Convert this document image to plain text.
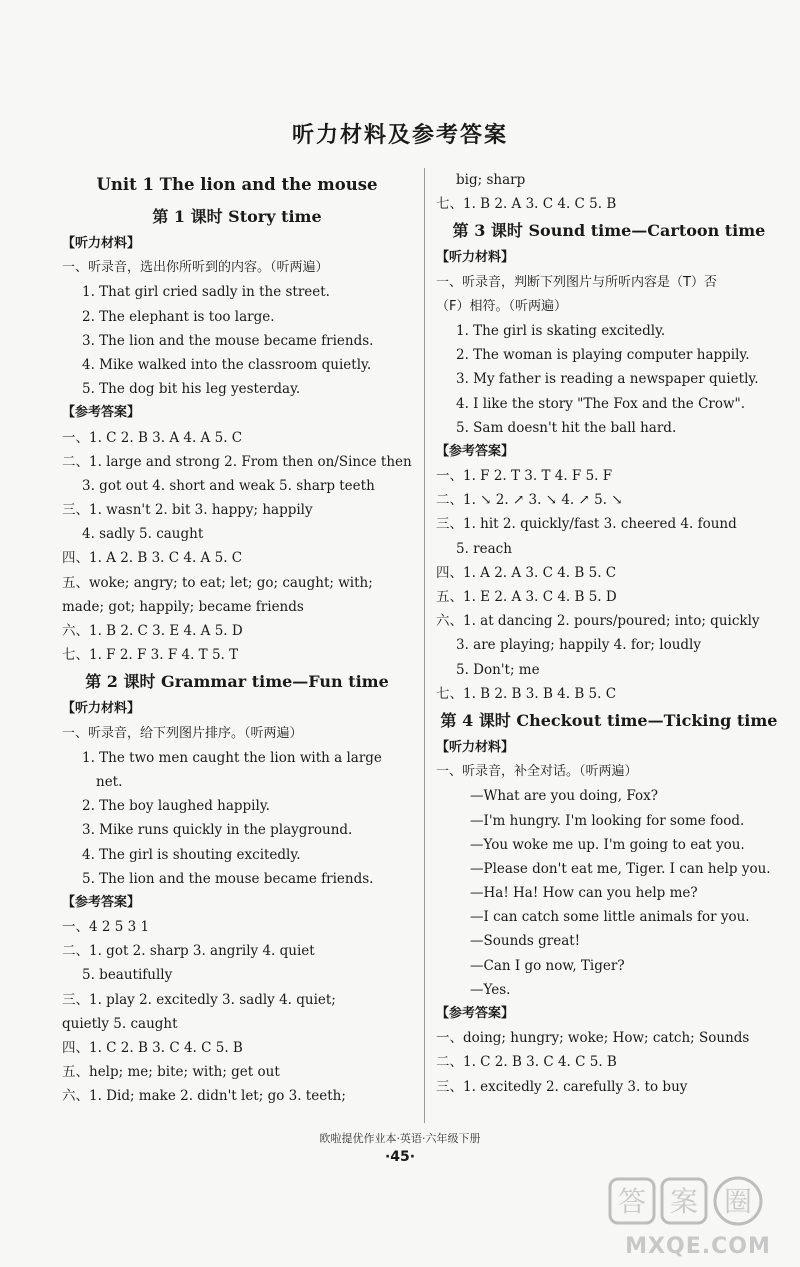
听力材料及参考答案
Unit 1 The lion and the mouse
第 1 课时 Story time
【听力材料】
一、听录音，选出你所听到的内容。（听两遍）
1. That girl cried sadly in the street.
2. The elephant is too large.
3. The lion and the mouse became friends.
4. Mike walked into the classroom quietly.
5. The dog bit his leg yesterday.
【参考答案】
一、1. C 2. B 3. A 4. A 5. C
二、1. large and strong 2. From then on/Since then
3. got out 4. short and weak 5. sharp teeth
三、1. wasn't 2. bit 3. happy; happily
4. sadly 5. caught
四、1. A 2. B 3. C 4. A 5. C
五、woke; angry; to eat; let; go; caught; with;
made; got; happily; became friends
六、1. B 2. C 3. E 4. A 5. D
七、1. F 2. F 3. F 4. T 5. T
第 2 课时 Grammar time—Fun time
【听力材料】
一、听录音，给下列图片排序。（听两遍）
1. The two men caught the lion with a large
net.
2. The boy laughed happily.
3. Mike runs quickly in the playground.
4. The girl is shouting excitedly.
5. The lion and the mouse became friends.
【参考答案】
一、4 2 5 3 1
二、1. got 2. sharp 3. angrily 4. quiet
5. beautifully
三、1. play 2. excitedly 3. sadly 4. quiet;
quietly 5. caught
四、1. C 2. B 3. C 4. C 5. B
五、help; me; bite; with; get out
六、1. Did; make 2. didn't let; go 3. teeth;
big; sharp
七、1. B 2. A 3. C 4. C 5. B
第 3 课时 Sound time—Cartoon time
【听力材料】
一、听录音，判断下列图片与所听内容是（T）否
（F）相符。（听两遍）
1. The girl is skating excitedly.
2. The woman is playing computer happily.
3. My father is reading a newspaper quietly.
4. I like the story "The Fox and the Crow".
5. Sam doesn't hit the ball hard.
【参考答案】
一、1. F 2. T 3. T 4. F 5. F
二、1. ↘ 2. ↗ 3. ↘ 4. ↗ 5. ↘
三、1. hit 2. quickly/fast 3. cheered 4. found
5. reach
四、1. A 2. A 3. C 4. B 5. C
五、1. E 2. A 3. C 4. B 5. D
六、1. at dancing 2. pours/poured; into; quickly
3. are playing; happily 4. for; loudly
5. Don't; me
七、1. B 2. B 3. B 4. B 5. C
第 4 课时 Checkout time—Ticking time
【听力材料】
一、听录音，补全对话。（听两遍）
—What are you doing, Fox?
—I'm hungry. I'm looking for some food.
—You woke me up. I'm going to eat you.
—Please don't eat me, Tiger. I can help you.
—Ha! Ha! How can you help me?
—I can catch some little animals for you.
—Sounds great!
—Can I go now, Tiger?
—Yes.
【参考答案】
一、doing; hungry; woke; How; catch; Sounds
二、1. C 2. B 3. C 4. C 5. B
三、1. excitedly 2. carefully 3. to buy
欧啦提优作业本·英语·六年级下册
·45·
答 案 圈
MXQE.COM
